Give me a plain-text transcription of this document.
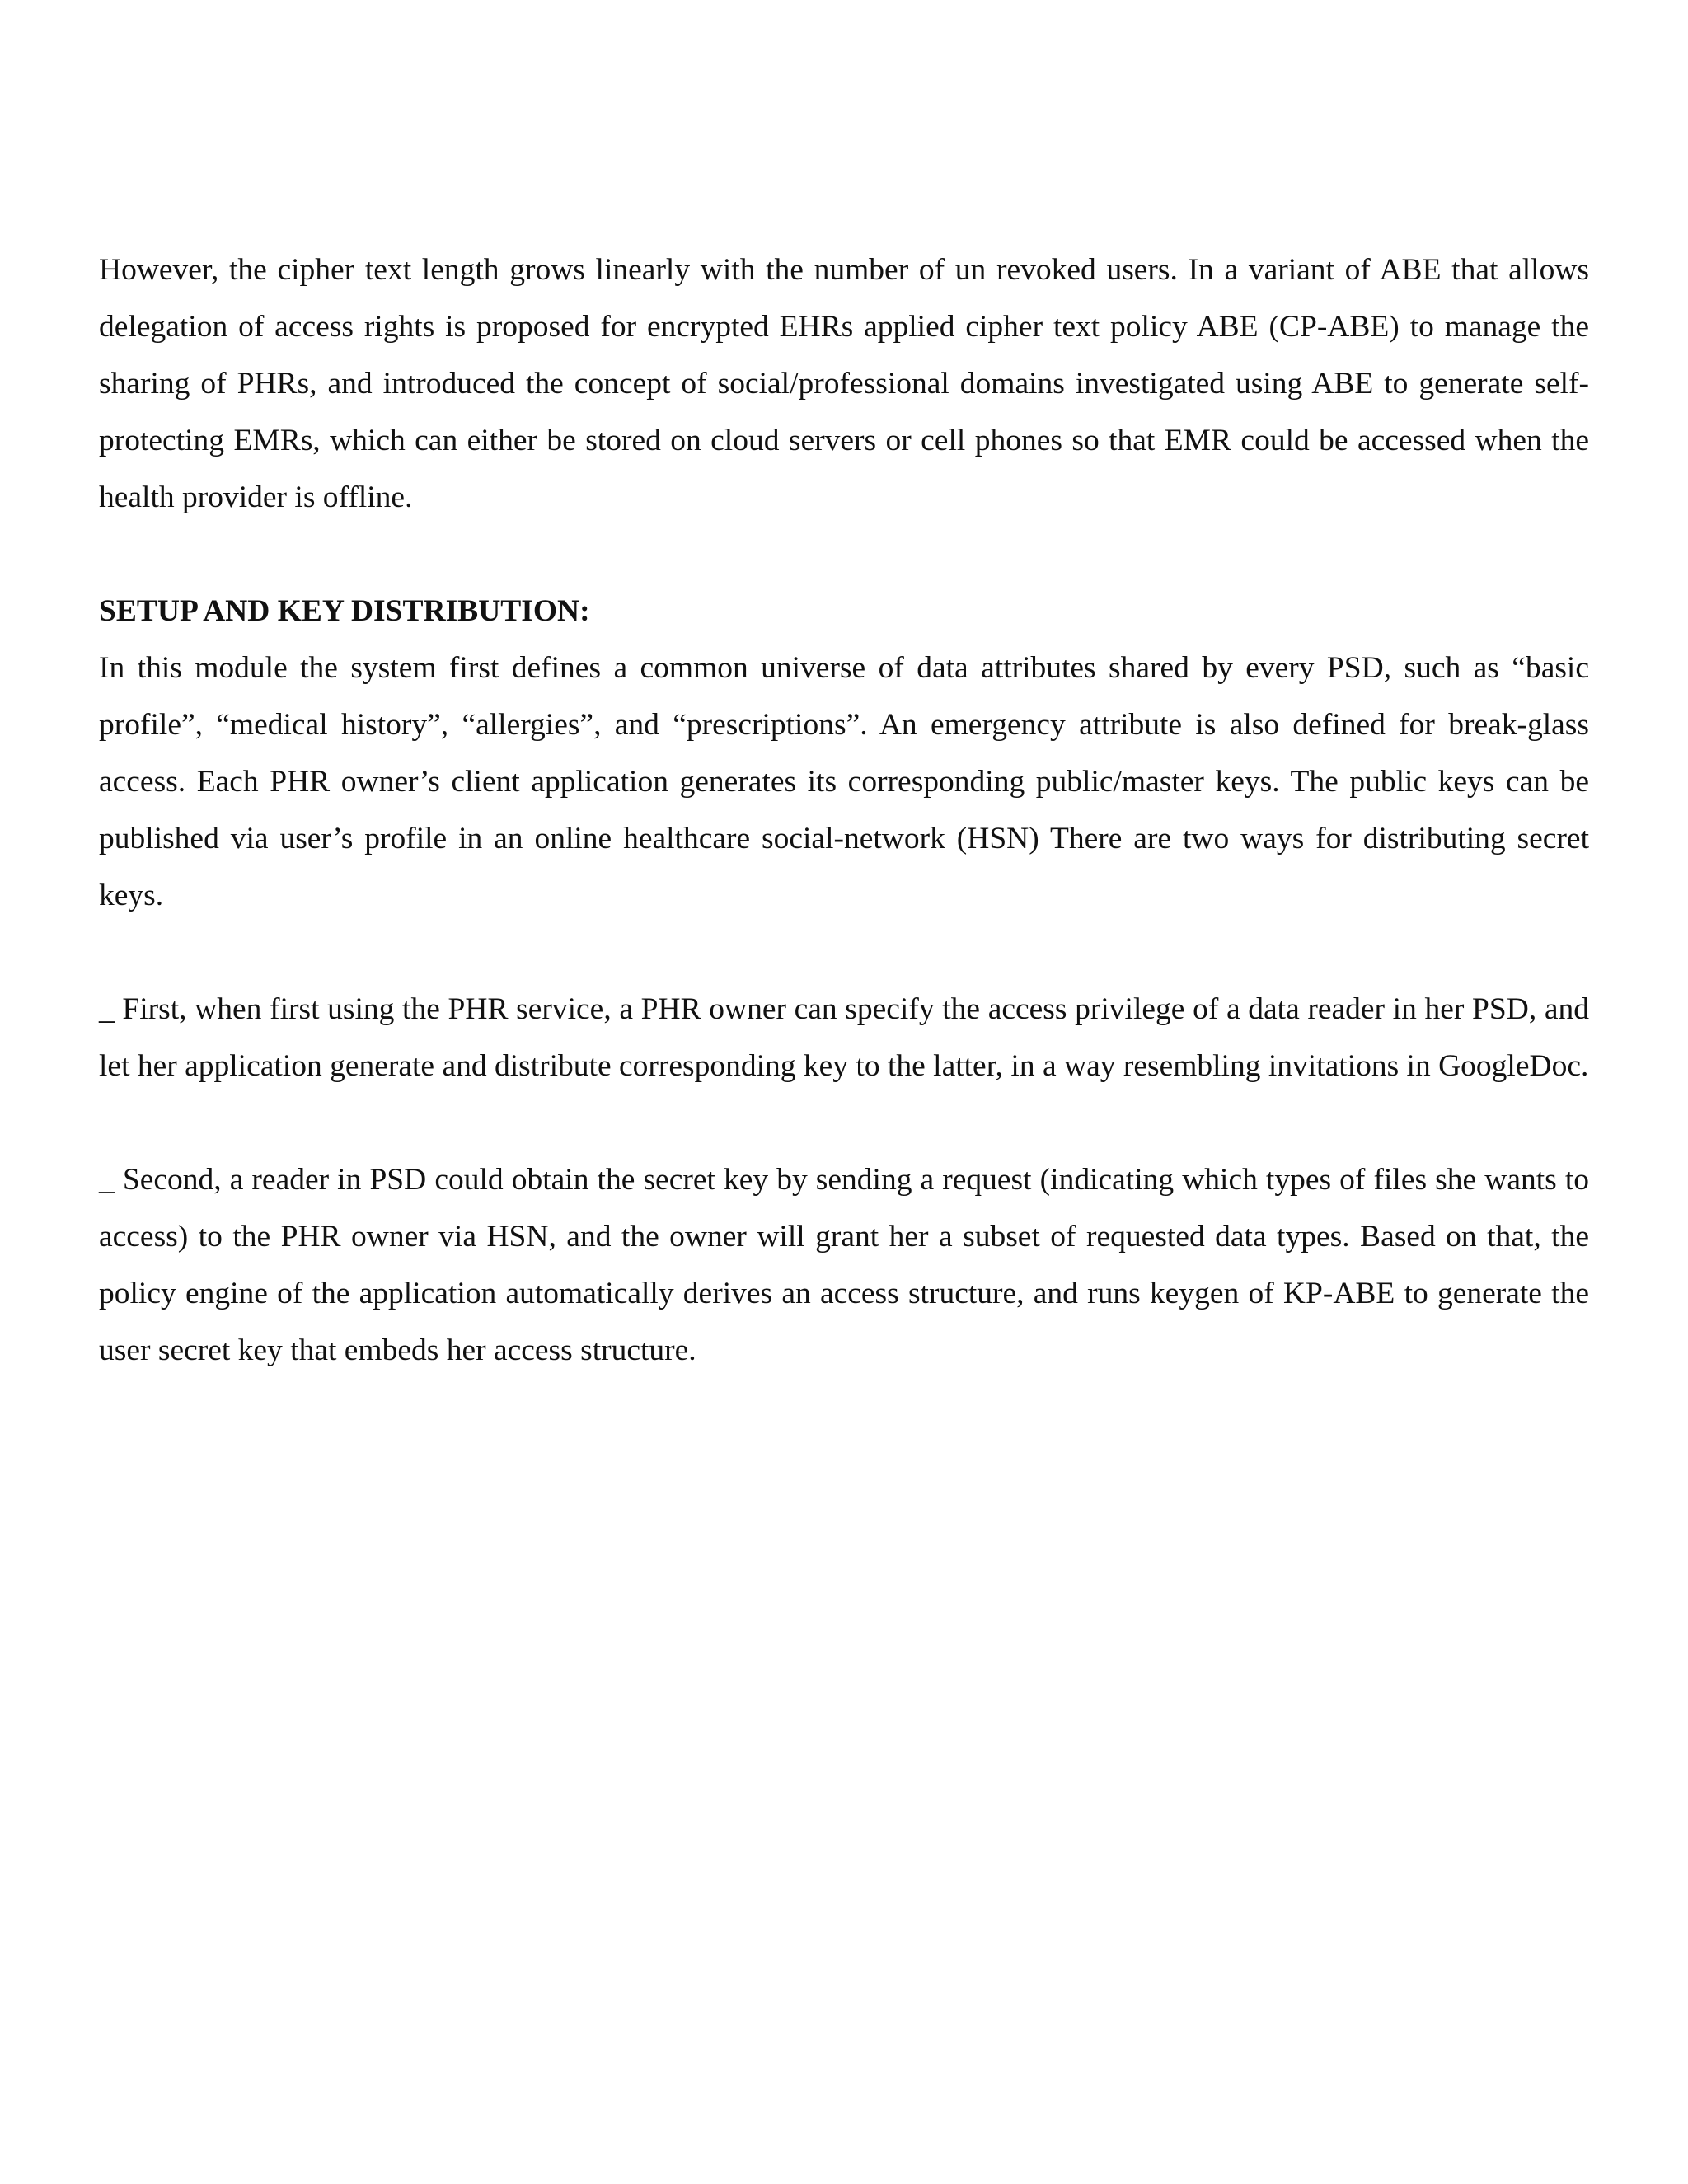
However, the cipher text length grows linearly with the number of un revoked users. In a variant of ABE that allows delegation of access rights is proposed for encrypted EHRs applied cipher text policy ABE (CP-ABE) to manage the sharing of PHRs, and introduced the concept of social/professional domains investigated using ABE to generate self-protecting EMRs, which can either be stored on cloud servers or cell phones so that EMR could be accessed when the health provider is offline.

SETUP AND KEY DISTRIBUTION:

In this module the system first defines a common universe of data attributes shared by every PSD, such as “basic profile”, “medical history”, “allergies”, and “prescriptions”. An emergency attribute is also defined for break-glass access. Each PHR owner’s client application generates its corresponding public/master keys. The public keys can be published via user’s profile in an online healthcare social-network (HSN) There are two ways for distributing secret keys.

_ First, when first using the PHR service, a PHR owner can specify the access privilege of a data reader in her PSD, and let her application generate and distribute corresponding key to the latter, in a way resembling invitations in GoogleDoc.

_ Second, a reader in PSD could obtain the secret key by sending a request (indicating which types of files she wants to access) to the PHR owner via HSN, and the owner will grant her a subset of requested data types. Based on that, the policy engine of the application automatically derives an access structure, and runs keygen of KP-ABE to generate the user secret key that embeds her access structure.
